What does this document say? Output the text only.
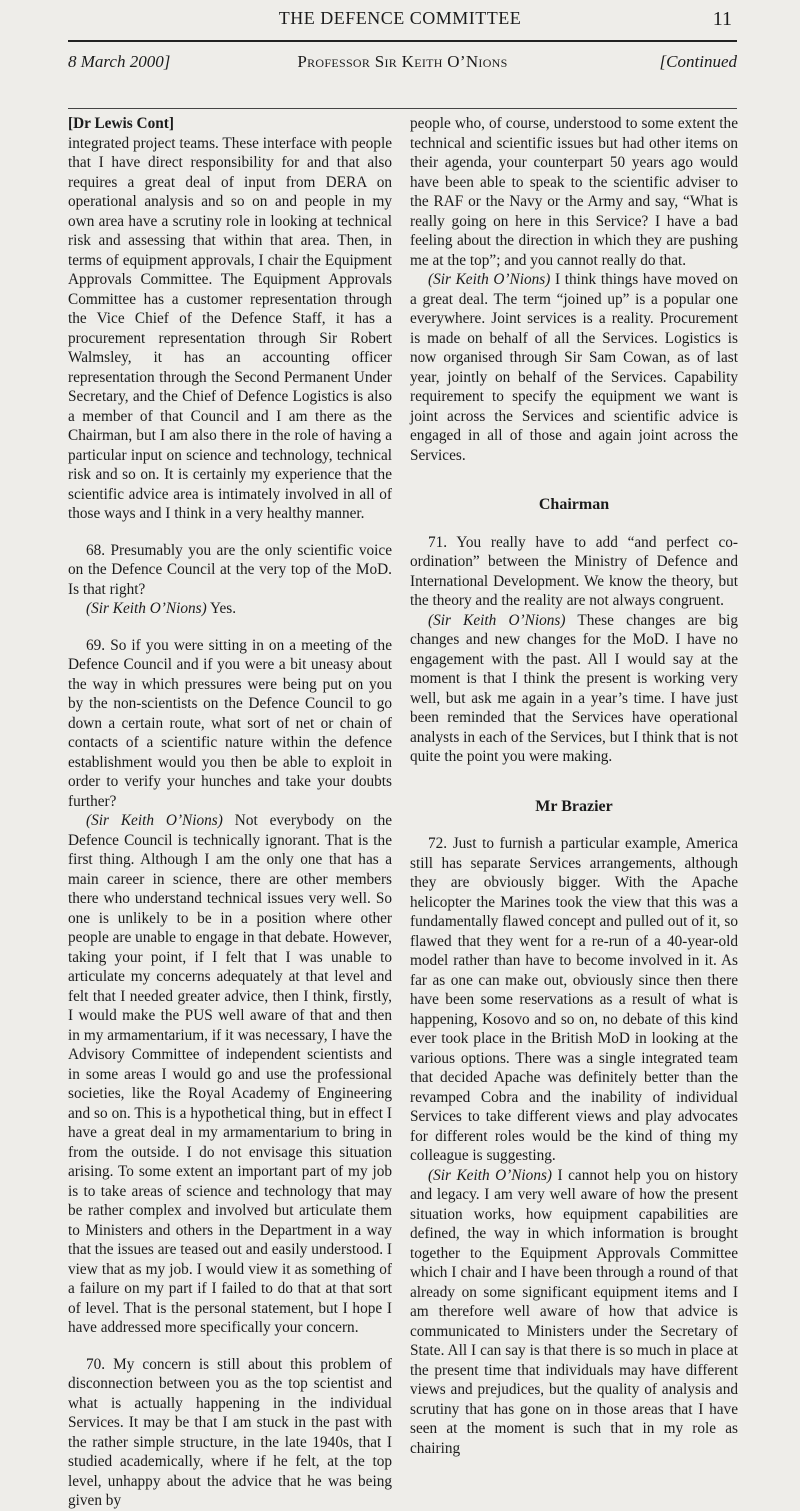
THE DEFENCE COMMITTEE	11
8 March 2000]	Professor Sir Keith O’Nions	[Continued

[Dr Lewis Cont]

integrated project teams. These interface with people that I have direct responsibility for and that also requires a great deal of input from DERA on operational analysis and so on and people in my own area have a scrutiny role in looking at technical risk and assessing that within that area. Then, in terms of equipment approvals, I chair the Equipment Approvals Committee. The Equipment Approvals Committee has a customer representation through the Vice Chief of the Defence Staff, it has a procurement representation through Sir Robert Walmsley, it has an accounting officer representation through the Second Permanent Under Secretary, and the Chief of Defence Logistics is also a member of that Council and I am there as the Chairman, but I am also there in the role of having a particular input on science and technology, technical risk and so on. It is certainly my experience that the scientific advice area is intimately involved in all of those ways and I think in a very healthy manner.

68. Presumably you are the only scientific voice on the Defence Council at the very top of the MoD. Is that right?

(Sir Keith O’Nions) Yes.

69. So if you were sitting in on a meeting of the Defence Council and if you were a bit uneasy about the way in which pressures were being put on you by the non-scientists on the Defence Council to go down a certain route, what sort of net or chain of contacts of a scientific nature within the defence establishment would you then be able to exploit in order to verify your hunches and take your doubts further?

(Sir Keith O’Nions) Not everybody on the Defence Council is technically ignorant. That is the first thing. Although I am the only one that has a main career in science, there are other members there who understand technical issues very well. So one is unlikely to be in a position where other people are unable to engage in that debate. However, taking your point, if I felt that I was unable to articulate my concerns adequately at that level and felt that I needed greater advice, then I think, firstly, I would make the PUS well aware of that and then in my armamentarium, if it was necessary, I have the Advisory Committee of independent scientists and in some areas I would go and use the professional societies, like the Royal Academy of Engineering and so on. This is a hypothetical thing, but in effect I have a great deal in my armamentarium to bring in from the outside. I do not envisage this situation arising. To some extent an important part of my job is to take areas of science and technology that may be rather complex and involved but articulate them to Ministers and others in the Department in a way that the issues are teased out and easily understood. I view that as my job. I would view it as something of a failure on my part if I failed to do that at that sort of level. That is the personal statement, but I hope I have addressed more specifically your concern.

70. My concern is still about this problem of disconnection between you as the top scientist and what is actually happening in the individual Services. It may be that I am stuck in the past with the rather simple structure, in the late 1940s, that I studied academically, where if he felt, at the top level, unhappy about the advice that he was being given by

people who, of course, understood to some extent the technical and scientific issues but had other items on their agenda, your counterpart 50 years ago would have been able to speak to the scientific adviser to the RAF or the Navy or the Army and say, “What is really going on here in this Service? I have a bad feeling about the direction in which they are pushing me at the top”; and you cannot really do that.

(Sir Keith O’Nions) I think things have moved on a great deal. The term “joined up” is a popular one everywhere. Joint services is a reality. Procurement is made on behalf of all the Services. Logistics is now organised through Sir Sam Cowan, as of last year, jointly on behalf of the Services. Capability requirement to specify the equipment we want is joint across the Services and scientific advice is engaged in all of those and again joint across the Services.

Chairman

71. You really have to add “and perfect co-ordination” between the Ministry of Defence and International Development. We know the theory, but the theory and the reality are not always congruent.

(Sir Keith O’Nions) These changes are big changes and new changes for the MoD. I have no engagement with the past. All I would say at the moment is that I think the present is working very well, but ask me again in a year’s time. I have just been reminded that the Services have operational analysts in each of the Services, but I think that is not quite the point you were making.

Mr Brazier

72. Just to furnish a particular example, America still has separate Services arrangements, although they are obviously bigger. With the Apache helicopter the Marines took the view that this was a fundamentally flawed concept and pulled out of it, so flawed that they went for a re-run of a 40-year-old model rather than have to become involved in it. As far as one can make out, obviously since then there have been some reservations as a result of what is happening, Kosovo and so on, no debate of this kind ever took place in the British MoD in looking at the various options. There was a single integrated team that decided Apache was definitely better than the revamped Cobra and the inability of individual Services to take different views and play advocates for different roles would be the kind of thing my colleague is suggesting.

(Sir Keith O’Nions) I cannot help you on history and legacy. I am very well aware of how the present situation works, how equipment capabilities are defined, the way in which information is brought together to the Equipment Approvals Committee which I chair and I have been through a round of that already on some significant equipment items and I am therefore well aware of how that advice is communicated to Ministers under the Secretary of State. All I can say is that there is so much in place at the present time that individuals may have different views and prejudices, but the quality of analysis and scrutiny that has gone on in those areas that I have seen at the moment is such that in my role as chairing
